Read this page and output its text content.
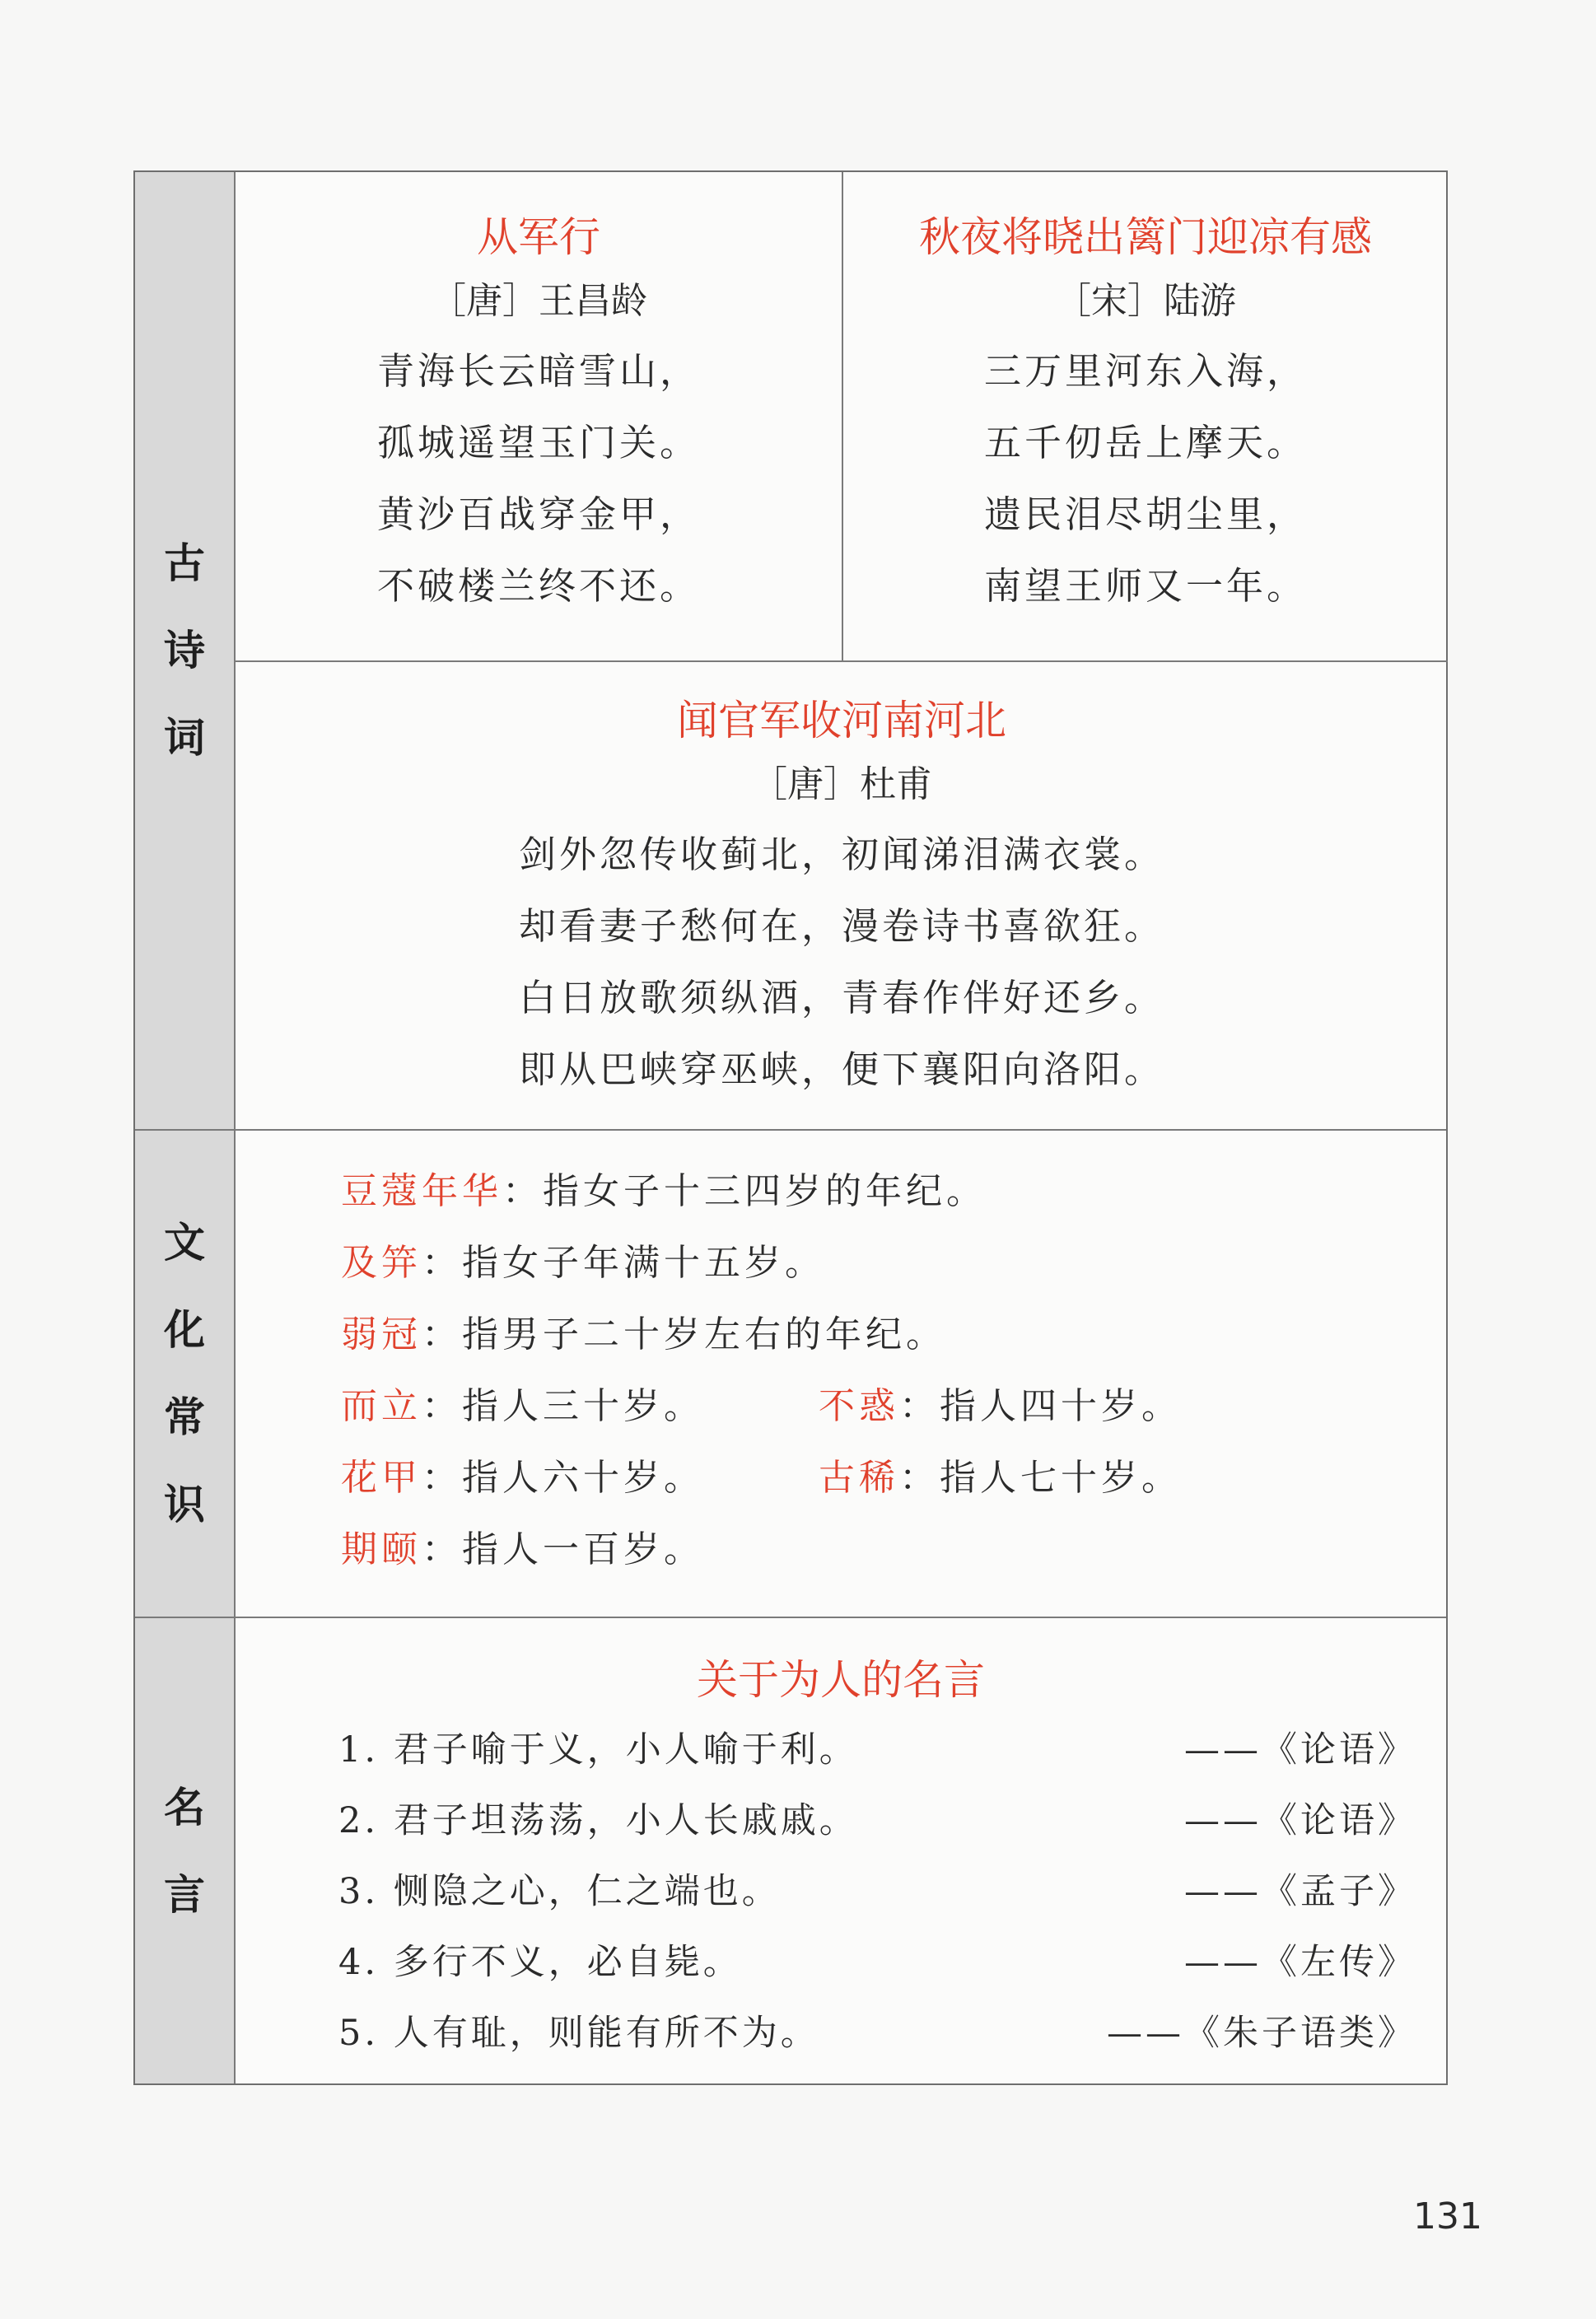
古
诗
词
从军行
［唐］王昌龄
青海长云暗雪山，
孤城遥望玉门关。
黄沙百战穿金甲，
不破楼兰终不还。
秋夜将晓出篱门迎凉有感
［宋］陆游
三万里河东入海，
五千仞岳上摩天。
遗民泪尽胡尘里，
南望王师又一年。
闻官军收河南河北
［唐］杜甫
剑外忽传收蓟北，初闻涕泪满衣裳。
却看妻子愁何在，漫卷诗书喜欲狂。
白日放歌须纵酒，青春作伴好还乡。
即从巴峡穿巫峡，便下襄阳向洛阳。
文
化
常
识
豆蔻年华：指女子十三四岁的年纪。
及笄：指女子年满十五岁。
弱冠：指男子二十岁左右的年纪。
而立：指人三十岁。	不惑：指人四十岁。
花甲：指人六十岁。	古稀：指人七十岁。
期颐：指人一百岁。
名
言
关于为人的名言
1. 君子喻于义，小人喻于利。	——《论语》
2. 君子坦荡荡，小人长戚戚。	——《论语》
3. 恻隐之心，仁之端也。	——《孟子》
4. 多行不义，必自毙。	——《左传》
5. 人有耻，则能有所不为。	——《朱子语类》
131
